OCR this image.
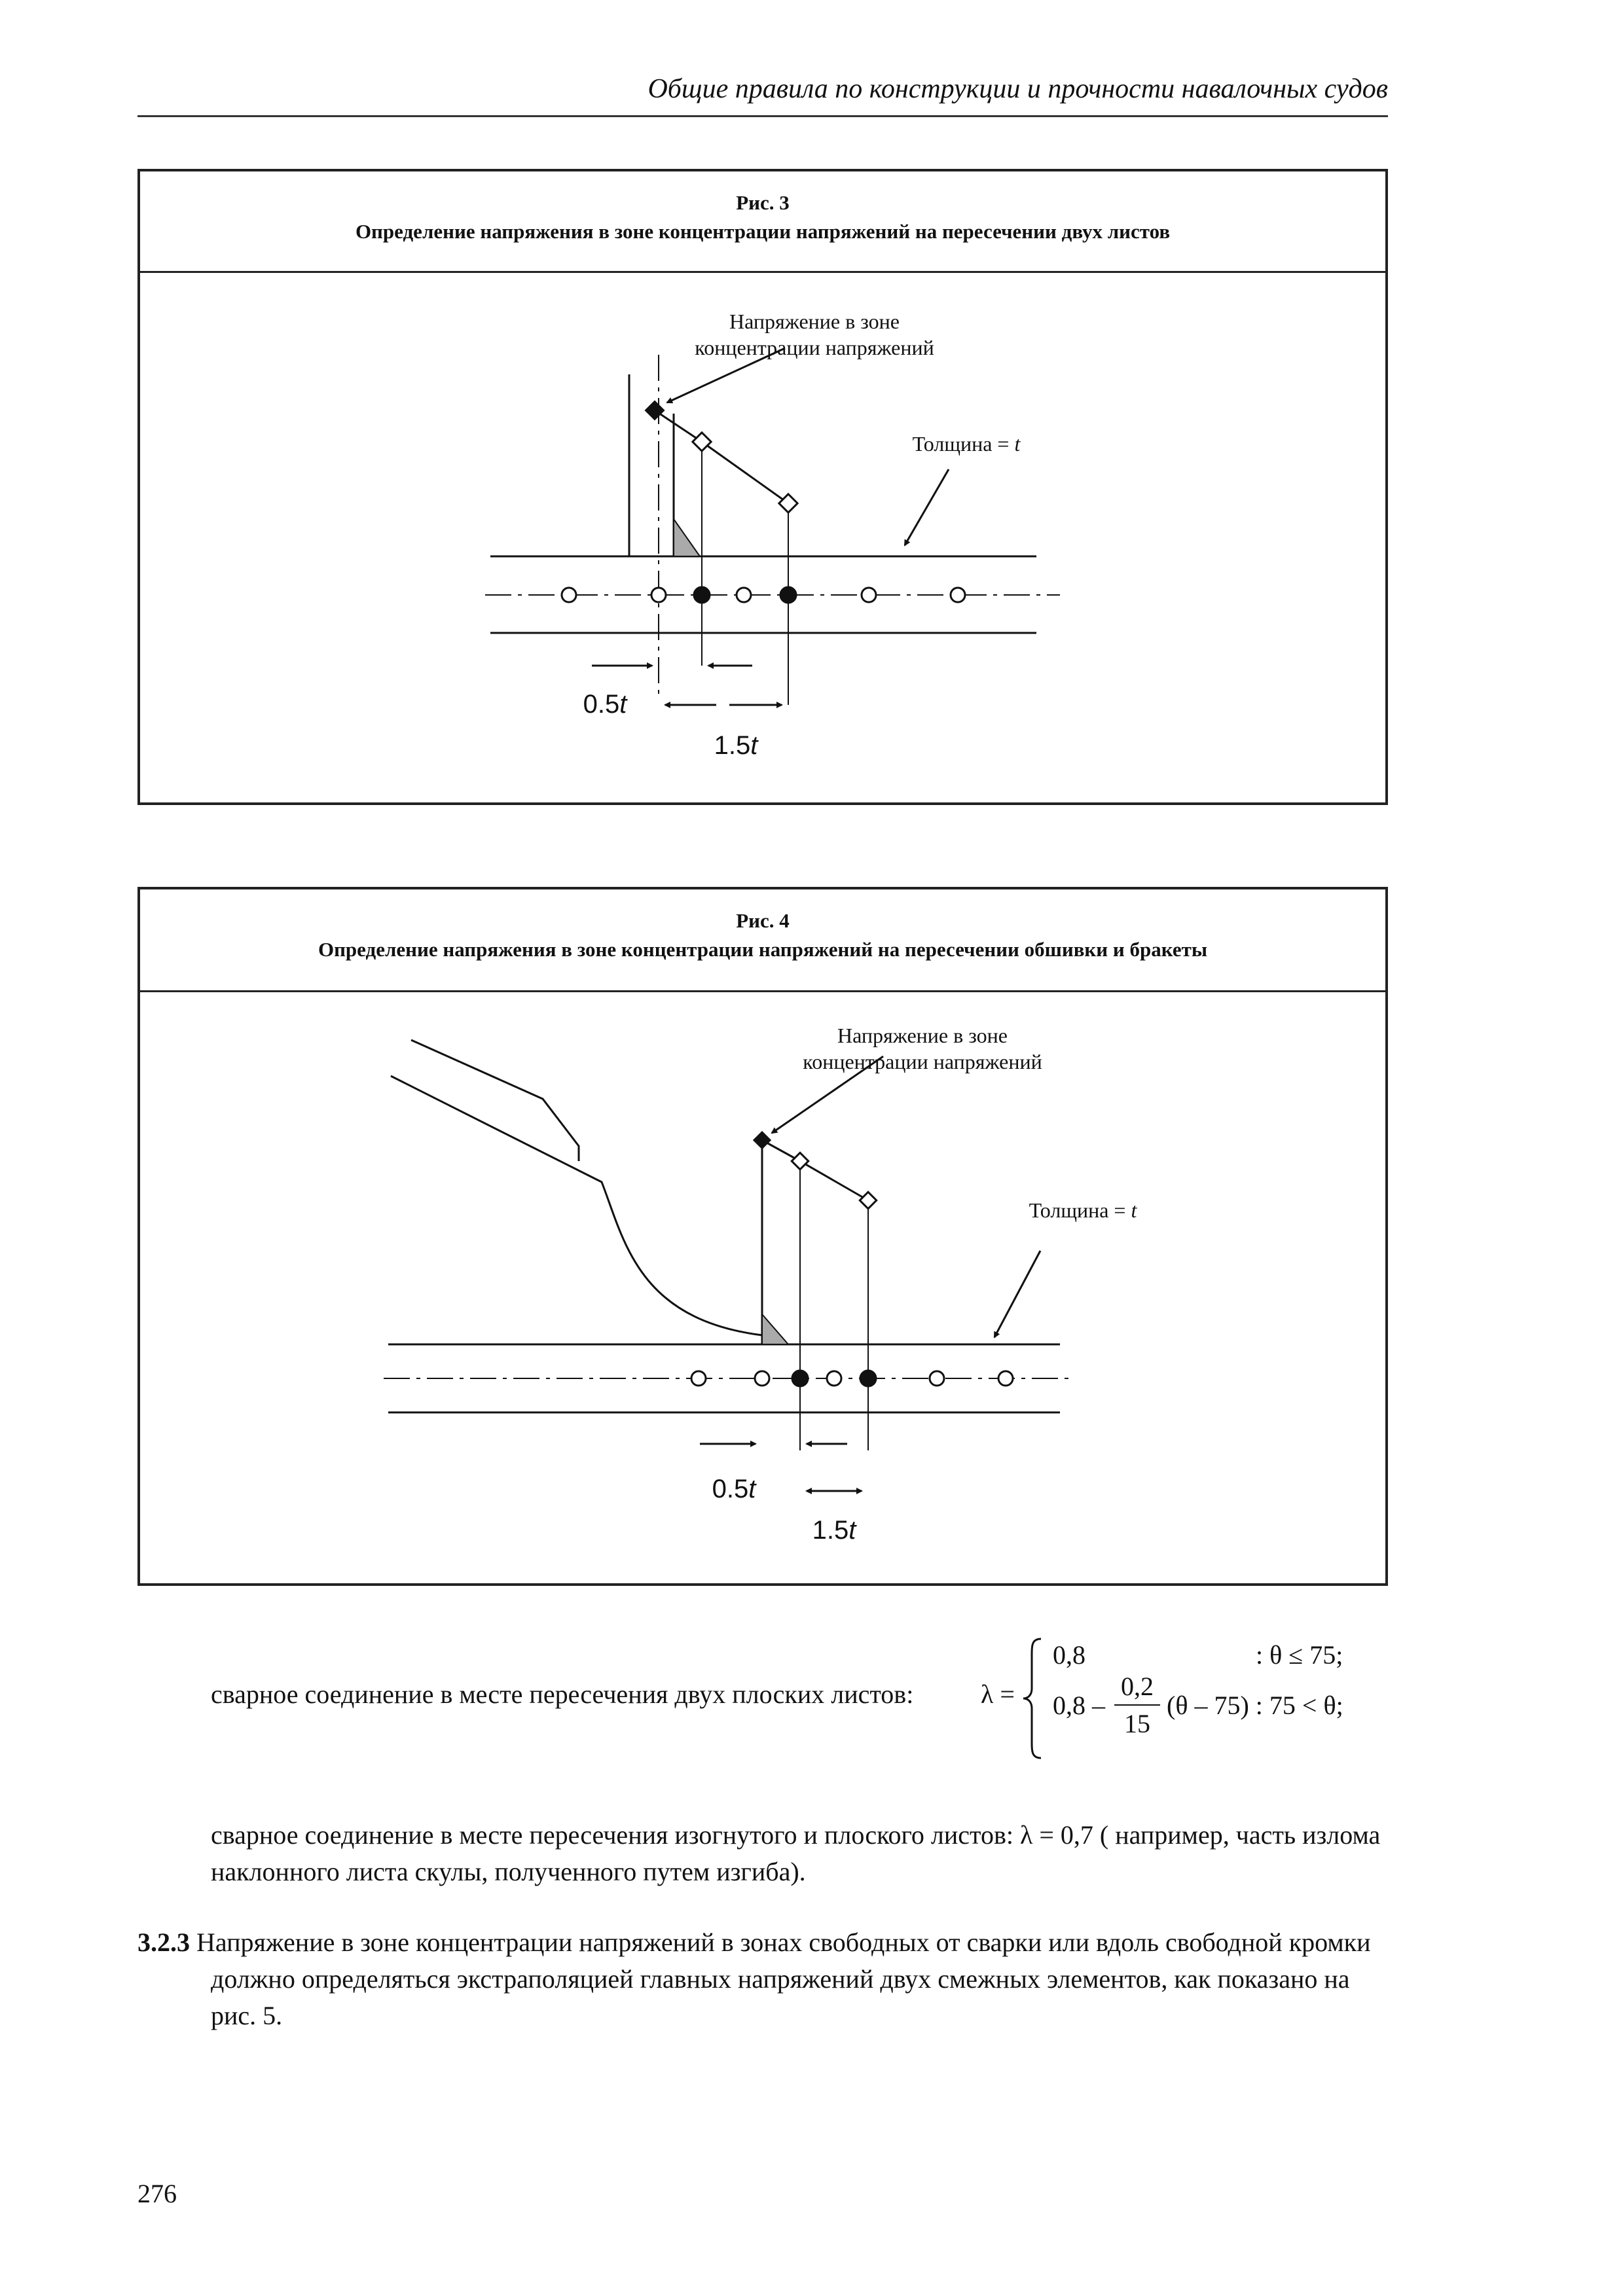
Общие правила по конструкции и прочности навалочных судов
Рис. 3
Определение напряжения в зоне концентрации напряжений на пересечении двух листов
Напряжение в зоне
концентрации напряжений
Толщина = t
0.5t
1.5t
Рис. 4
Определение напряжения в зоне концентрации напряжений на пересечении обшивки и бракеты
Напряжение в зоне
концентрации напряжений
Толщина = t
0.5t
1.5t
сварное соединение в месте пересечения двух плоских листов:	λ =
0,8	: θ ≤ 75;
0,8 –
0,2
15
(θ – 75) : 75 < θ;
сварное соединение в месте пересечения изогнутого и плоского листов: λ = 0,7 ( например, часть излома наклонного листа скулы, полученного путем изгиба).
3.2.3 Напряжение в зоне концентрации напряжений в зонах свободных от сварки или вдоль свободной кромки должно определяться экстраполяцией главных напряжений двух смежных элементов, как показано на рис. 5.
276
